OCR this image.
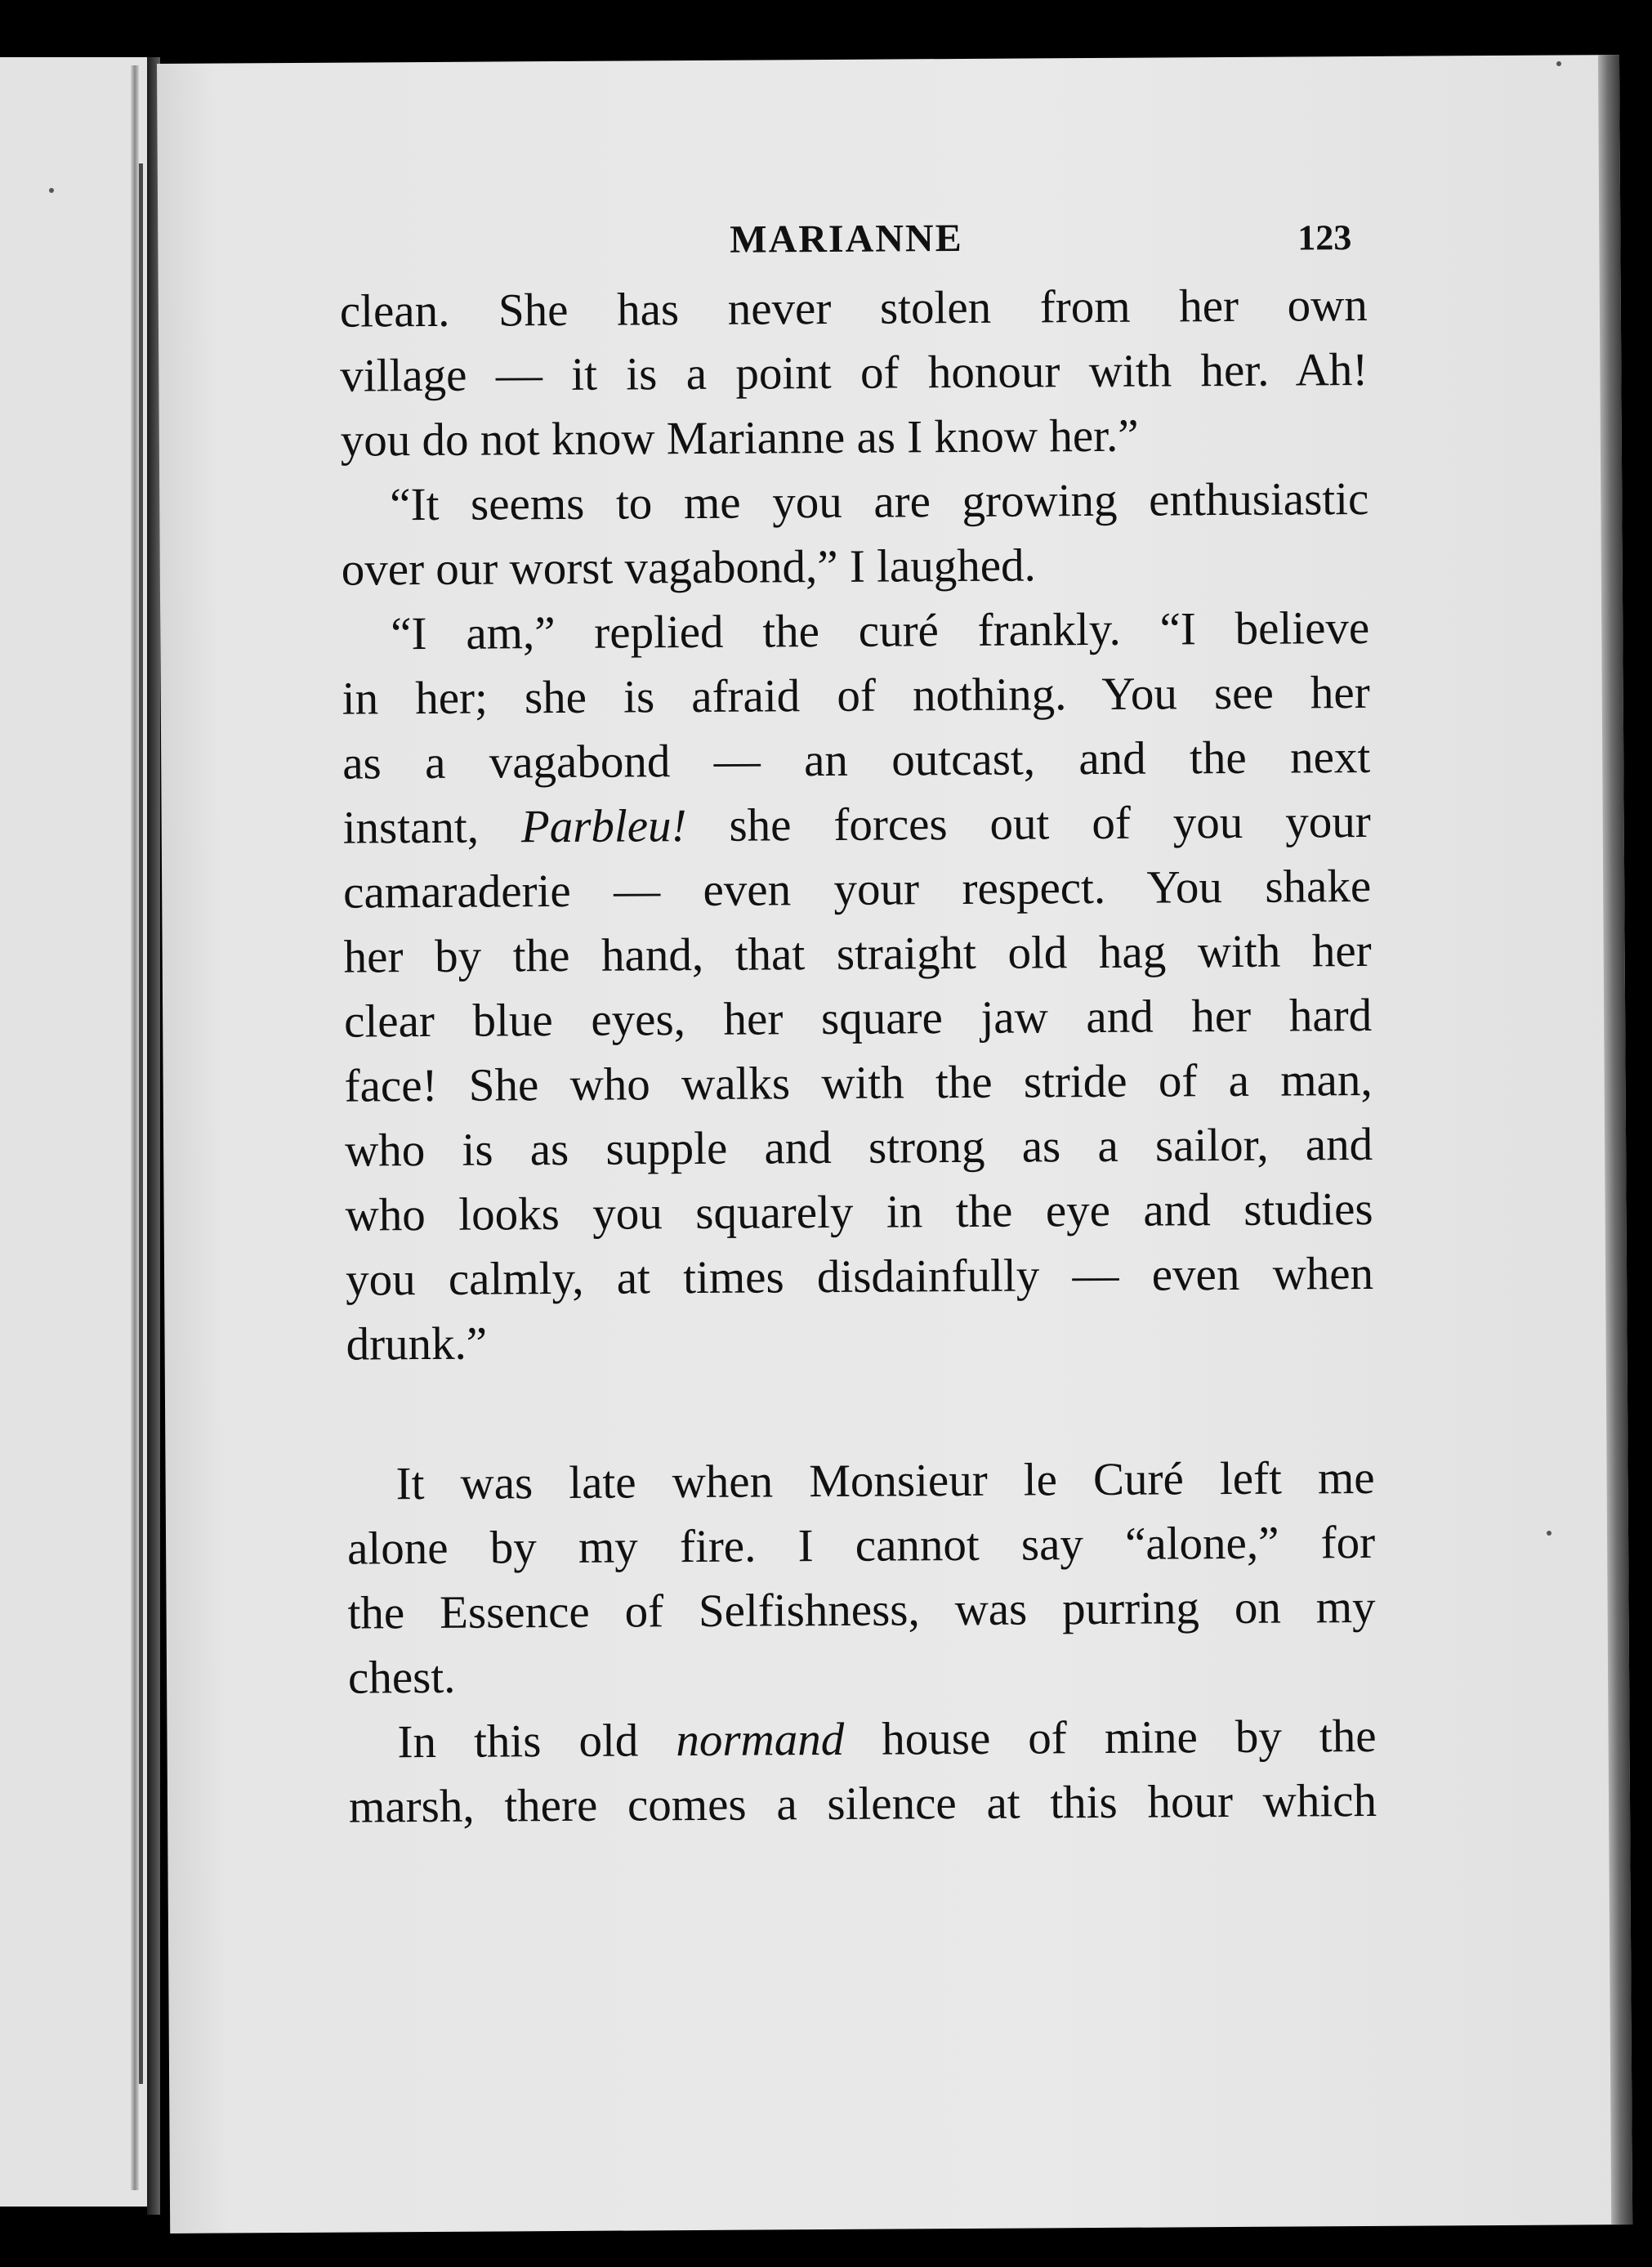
MARIANNE	123
clean. She has never stolen from her own
village — it is a point of honour with her. Ah!
you do not know Marianne as I know her.”
“It seems to me you are growing enthusiastic
over our worst vagabond,” I laughed.
“I am,” replied the curé frankly. “I believe
in her; she is afraid of nothing. You see her
as a vagabond — an outcast, and the next
instant, Parbleu! she forces out of you your
camaraderie — even your respect. You shake
her by the hand, that straight old hag with her
clear blue eyes, her square jaw and her hard
face! She who walks with the stride of a man,
who is as supple and strong as a sailor, and
who looks you squarely in the eye and studies
you calmly, at times disdainfully — even when
drunk.”
It was late when Monsieur le Curé left me
alone by my fire. I cannot say “alone,” for
the Essence of Selfishness, was purring on my
chest.
In this old normand house of mine by the
marsh, there comes a silence at this hour which
